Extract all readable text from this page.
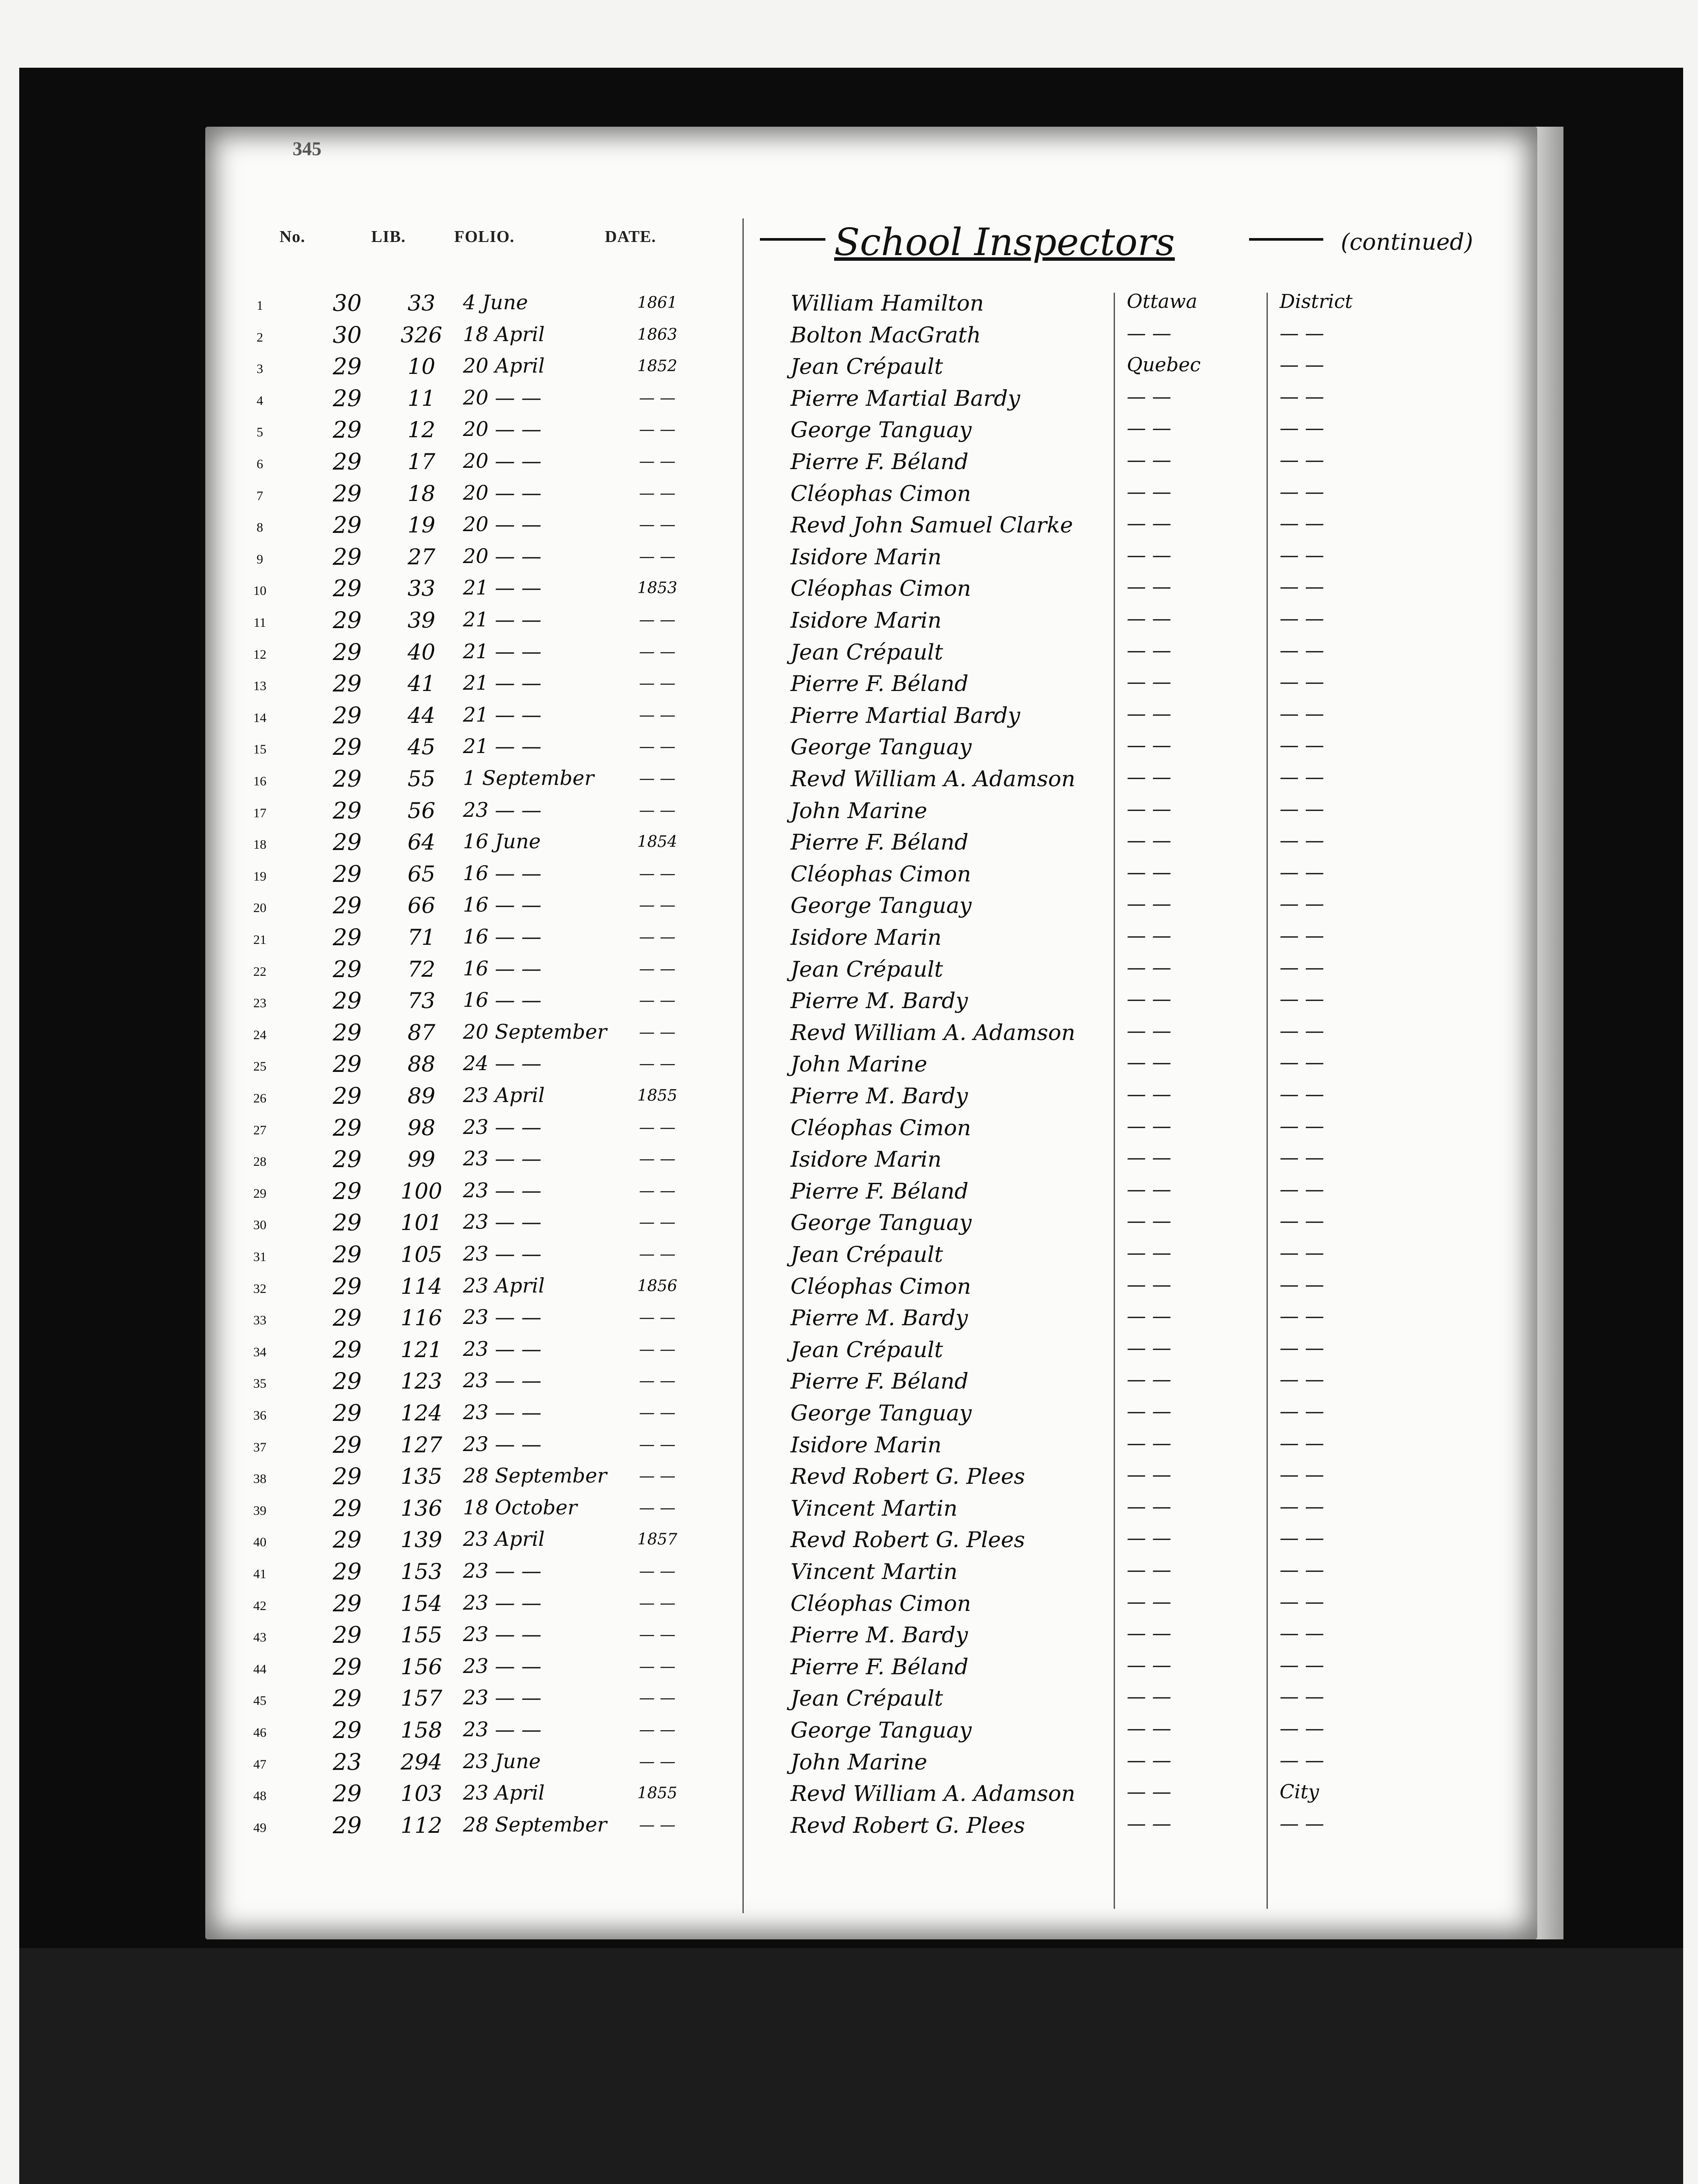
345
No.	LIB.	FOLIO.	DATE.	School Inspectors	(continued)
1	30	33	4 June	1861	William Hamilton	Ottawa	District
2	30	326	18 April	1863	Bolton MacGrath	— —	— —
3	29	10	20 April	1852	Jean Crépault	Quebec	— —
4	29	11	20 — —	— —	Pierre Martial Bardy	— —	— —
5	29	12	20 — —	— —	George Tanguay	— —	— —
6	29	17	20 — —	— —	Pierre F. Béland	— —	— —
7	29	18	20 — —	— —	Cléophas Cimon	— —	— —
8	29	19	20 — —	— —	Revd John Samuel Clarke	— —	— —
9	29	27	20 — —	— —	Isidore Marin	— —	— —
10	29	33	21 — —	1853	Cléophas Cimon	— —	— —
11	29	39	21 — —	— —	Isidore Marin	— —	— —
12	29	40	21 — —	— —	Jean Crépault	— —	— —
13	29	41	21 — —	— —	Pierre F. Béland	— —	— —
14	29	44	21 — —	— —	Pierre Martial Bardy	— —	— —
15	29	45	21 — —	— —	George Tanguay	— —	— —
16	29	55	1 September	— —	Revd William A. Adamson	— —	— —
17	29	56	23 — —	— —	John Marine	— —	— —
18	29	64	16 June	1854	Pierre F. Béland	— —	— —
19	29	65	16 — —	— —	Cléophas Cimon	— —	— —
20	29	66	16 — —	— —	George Tanguay	— —	— —
21	29	71	16 — —	— —	Isidore Marin	— —	— —
22	29	72	16 — —	— —	Jean Crépault	— —	— —
23	29	73	16 — —	— —	Pierre M. Bardy	— —	— —
24	29	87	20 September	— —	Revd William A. Adamson	— —	— —
25	29	88	24 — —	— —	John Marine	— —	— —
26	29	89	23 April	1855	Pierre M. Bardy	— —	— —
27	29	98	23 — —	— —	Cléophas Cimon	— —	— —
28	29	99	23 — —	— —	Isidore Marin	— —	— —
29	29	100	23 — —	— —	Pierre F. Béland	— —	— —
30	29	101	23 — —	— —	George Tanguay	— —	— —
31	29	105	23 — —	— —	Jean Crépault	— —	— —
32	29	114	23 April	1856	Cléophas Cimon	— —	— —
33	29	116	23 — —	— —	Pierre M. Bardy	— —	— —
34	29	121	23 — —	— —	Jean Crépault	— —	— —
35	29	123	23 — —	— —	Pierre F. Béland	— —	— —
36	29	124	23 — —	— —	George Tanguay	— —	— —
37	29	127	23 — —	— —	Isidore Marin	— —	— —
38	29	135	28 September	— —	Revd Robert G. Plees	— —	— —
39	29	136	18 October	— —	Vincent Martin	— —	— —
40	29	139	23 April	1857	Revd Robert G. Plees	— —	— —
41	29	153	23 — —	— —	Vincent Martin	— —	— —
42	29	154	23 — —	— —	Cléophas Cimon	— —	— —
43	29	155	23 — —	— —	Pierre M. Bardy	— —	— —
44	29	156	23 — —	— —	Pierre F. Béland	— —	— —
45	29	157	23 — —	— —	Jean Crépault	— —	— —
46	29	158	23 — —	— —	George Tanguay	— —	— —
47	23	294	23 June	— —	John Marine	— —	— —
48	29	103	23 April	1855	Revd William A. Adamson	— —	City
49	29	112	28 September	— —	Revd Robert G. Plees	— —	— —
